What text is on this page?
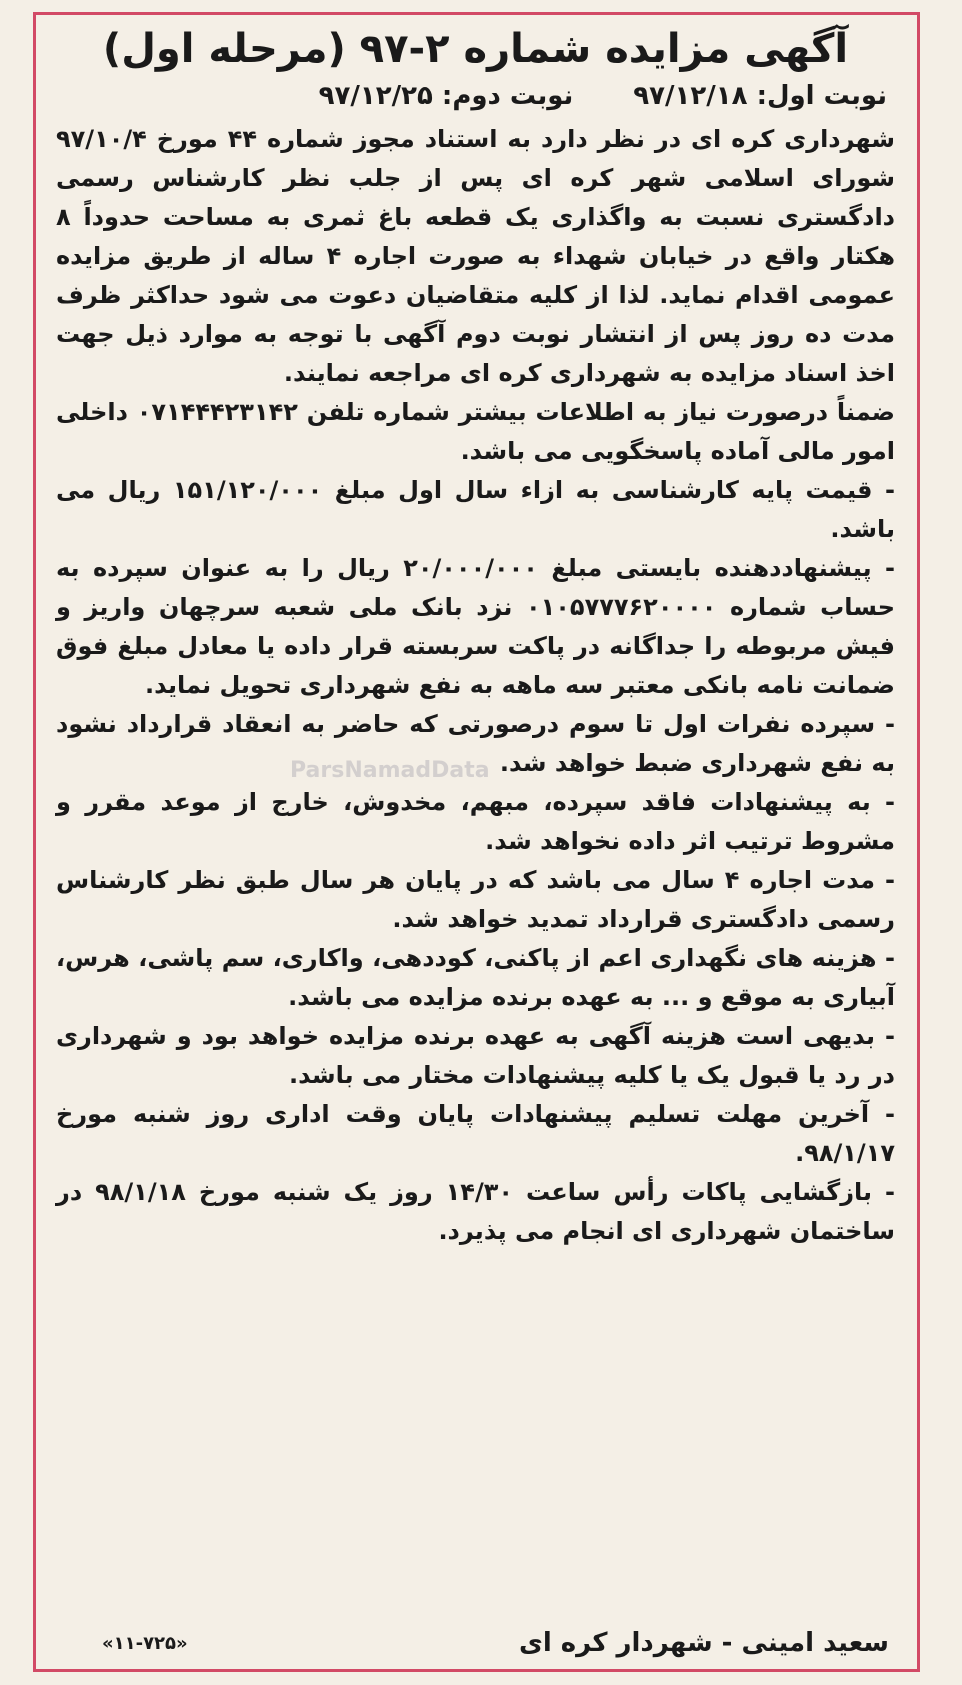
آگهی مزایده شماره ۲-۹۷ (مرحله اول)
نوبت اول: ۹۷/۱۲/۱۸
نوبت دوم: ۹۷/۱۲/۲۵

شهرداری کره ای در نظر دارد به استناد مجوز شماره ۴۴ مورخ ۹۷/۱۰/۴ شورای اسلامی شهر کره ای پس از جلب نظر کارشناس رسمی دادگستری نسبت به واگذاری یک قطعه باغ ثمری به مساحت حدوداً ۸ هکتار واقع در خیابان شهداء به صورت اجاره ۴ ساله از طریق مزایده عمومی اقدام نماید. لذا از کلیه متقاضیان دعوت می شود حداکثر ظرف مدت ده روز پس از انتشار نوبت دوم آگهی با توجه به موارد ذیل جهت اخذ اسناد مزایده به شهرداری کره ای مراجعه نمایند.

ضمناً درصورت نیاز به اطلاعات بیشتر شماره تلفن ۰۷۱۴۴۴۲۳۱۴۲ داخلی امور مالی آماده پاسخگویی می باشد.

- قیمت پایه کارشناسی به ازاء سال اول مبلغ ۱۵۱/۱۲۰/۰۰۰ ریال می باشد.

- پیشنهاددهنده بایستی مبلغ ۲۰/۰۰۰/۰۰۰ ریال را به عنوان سپرده به حساب شماره ۰۱۰۵۷۷۷۶۲۰۰۰۰ نزد بانک ملی شعبه سرچهان واریز و فیش مربوطه را جداگانه در پاکت سربسته قرار داده یا معادل مبلغ فوق ضمانت نامه بانکی معتبر سه ماهه به نفع شهرداری تحویل نماید.

- سپرده نفرات اول تا سوم درصورتی که حاضر به انعقاد قرارداد نشود به نفع شهرداری ضبط خواهد شد.

- به پیشنهادات فاقد سپرده، مبهم، مخدوش، خارج از موعد مقرر و مشروط ترتیب اثر داده نخواهد شد.

- مدت اجاره ۴ سال می باشد که در پایان هر سال طبق نظر کارشناس رسمی دادگستری قرارداد تمدید خواهد شد.

- هزینه های نگهداری اعم از پاکنی، کوددهی، واکاری، سم پاشی، هرس، آبیاری به موقع و ... به عهده برنده مزایده می باشد.

- بدیهی است هزینه آگهی به عهده برنده مزایده خواهد بود و شهرداری در رد یا قبول یک یا کلیه پیشنهادات مختار می باشد.

- آخرین مهلت تسلیم پیشنهادات پایان وقت اداری روز شنبه مورخ ۹۸/۱/۱۷.

- بازگشایی پاکات رأس ساعت ۱۴/۳۰ روز یک شنبه مورخ ۹۸/۱/۱۸ در ساختمان شهرداری ای انجام می پذیرد.

سعید امینی - شهردار کره ای
«۱۱-۷۲۵»
ParsNamadData
